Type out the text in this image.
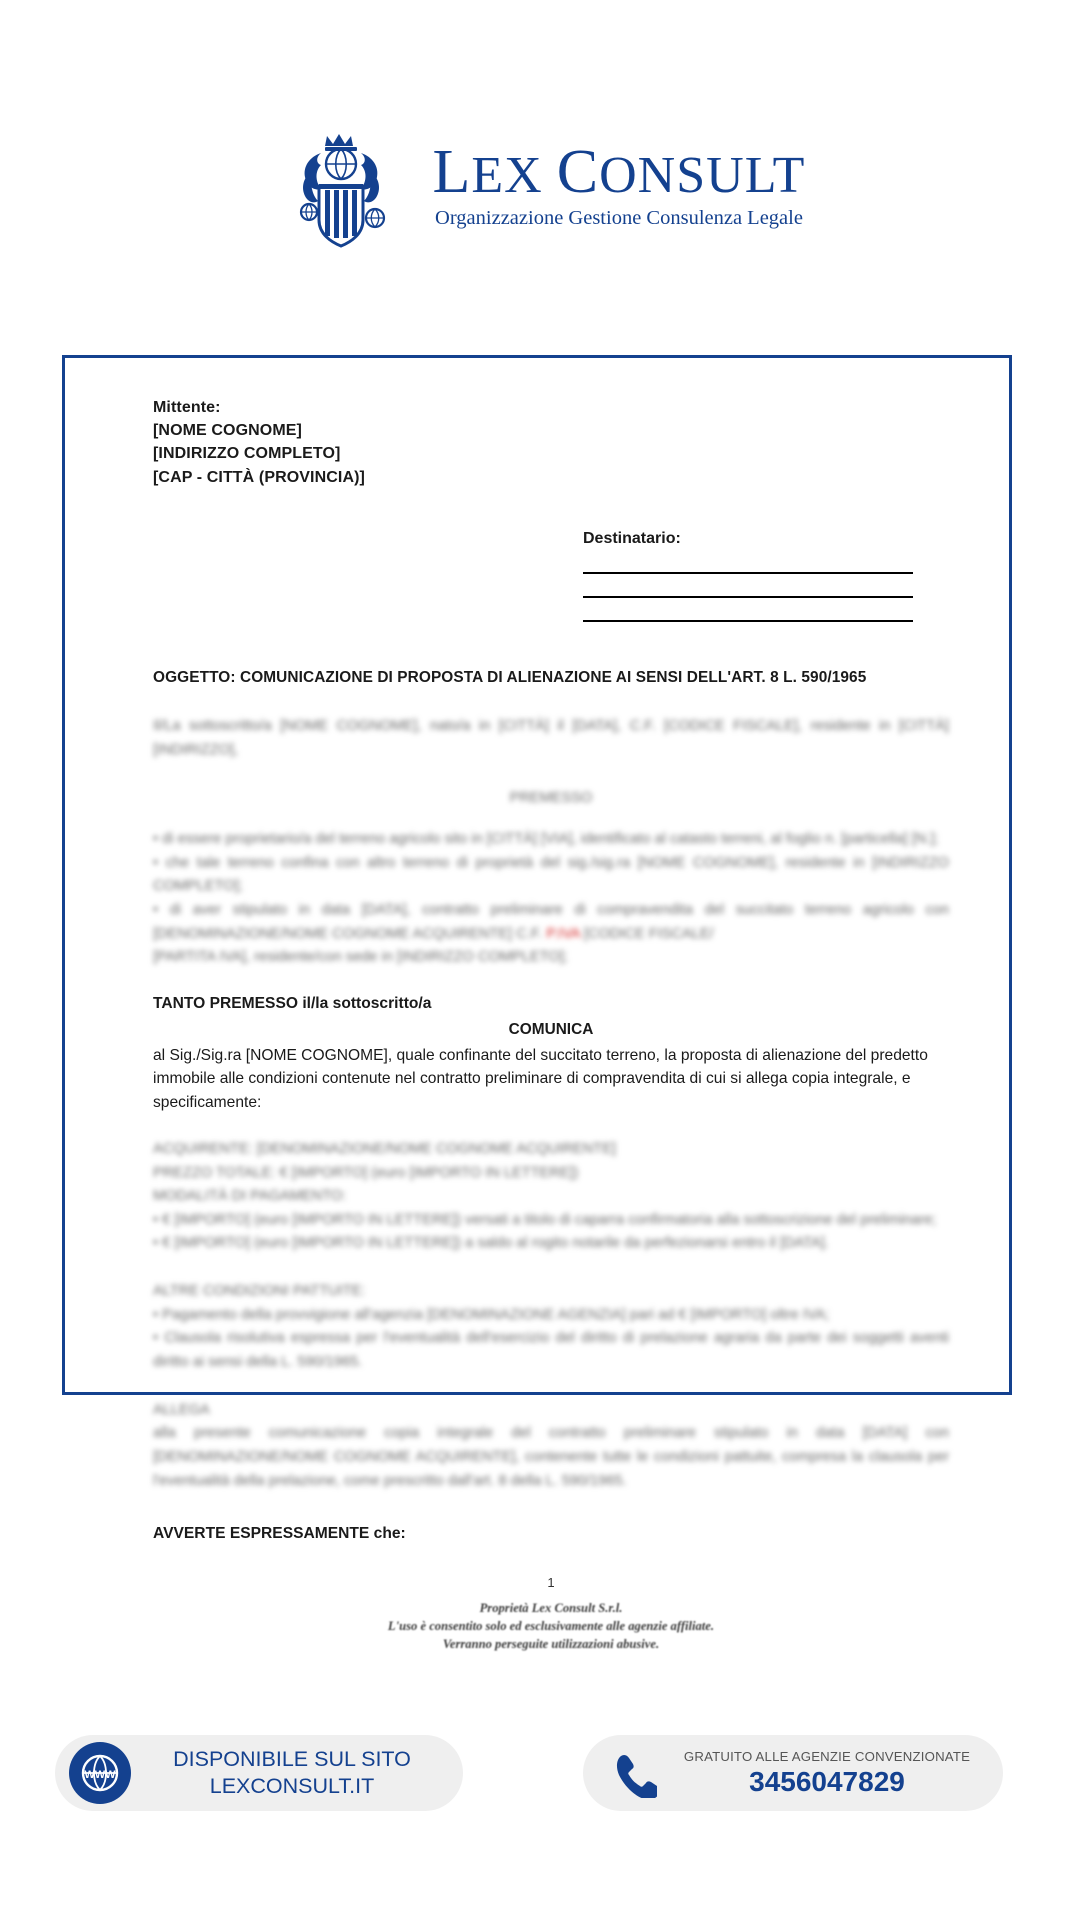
LEX CONSULT
Organizzazione Gestione Consulenza Legale
Mittente:
[NOME COGNOME]
[INDIRIZZO COMPLETO]
[CAP - CITTÀ (PROVINCIA)]
Destinatario:
OGGETTO: COMUNICAZIONE DI PROPOSTA DI ALIENAZIONE AI SENSI DELL'ART. 8 L. 590/1965
Il/La sottoscritto/a [NOME COGNOME], nato/a in [CITTÀ] il [DATA], C.F. [CODICE FISCALE], residente in [CITTÀ] [INDIRIZZO],
PREMESSO
• di essere proprietario/a del terreno agricolo sito in [CITTÀ] [VIA], identificato al catasto terreni, al foglio n. [particella] [N.];
• che tale terreno confina con altro terreno di proprietà del sig./sig.ra [NOME COGNOME], residente in [INDIRIZZO COMPLETO];
• di aver stipulato in data [DATA], contratto preliminare di compravendita del succitato terreno agricolo con [DENOMINAZIONE/NOME COGNOME ACQUIRENTE] C.F. P.IVA [CODICE FISCALE/
[PARTITA IVA], residente/con sede in [INDIRIZZO COMPLETO];
TANTO PREMESSO il/la sottoscritto/a
COMUNICA
al Sig./Sig.ra [NOME COGNOME], quale confinante del succitato terreno, la proposta di alienazione del predetto immobile alle condizioni contenute nel contratto preliminare di compravendita di cui si allega copia integrale, e specificamente:
ACQUIRENTE: [DENOMINAZIONE/NOME COGNOME ACQUIRENTE]
PREZZO TOTALE: € [IMPORTO] (euro [IMPORTO IN LETTERE])
MODALITÀ DI PAGAMENTO:
• € [IMPORTO] (euro [IMPORTO IN LETTERE]) versati a titolo di caparra confirmatoria alla sottoscrizione del preliminare;
• € [IMPORTO] (euro [IMPORTO IN LETTERE]) a saldo al rogito notarile da perfezionarsi entro il [DATA].
ALTRE CONDIZIONI PATTUITE:
• Pagamento della provvigione all'agenzia [DENOMINAZIONE AGENZIA] pari ad € [IMPORTO] oltre IVA;
• Clausola risolutiva espressa per l'eventualità dell'esercizio del diritto di prelazione agraria da parte dei soggetti aventi diritto ai sensi della L. 590/1965.
ALLEGA
alla presente comunicazione copia integrale del contratto preliminare stipulato in data [DATA] con [DENOMINAZIONE/NOME COGNOME ACQUIRENTE], contenente tutte le condizioni pattuite, compresa la clausola per l'eventualità della prelazione, come prescritto dall'art. 8 della L. 590/1965.
AVVERTE ESPRESSAMENTE che:
1
Proprietà Lex Consult S.r.l.
L'uso è consentito solo ed esclusivamente alle agenzie affiliate.
Verranno perseguite utilizzazioni abusive.
WWW
DISPONIBILE SUL SITO
LEXCONSULT.IT
GRATUITO ALLE AGENZIE CONVENZIONATE
3456047829
